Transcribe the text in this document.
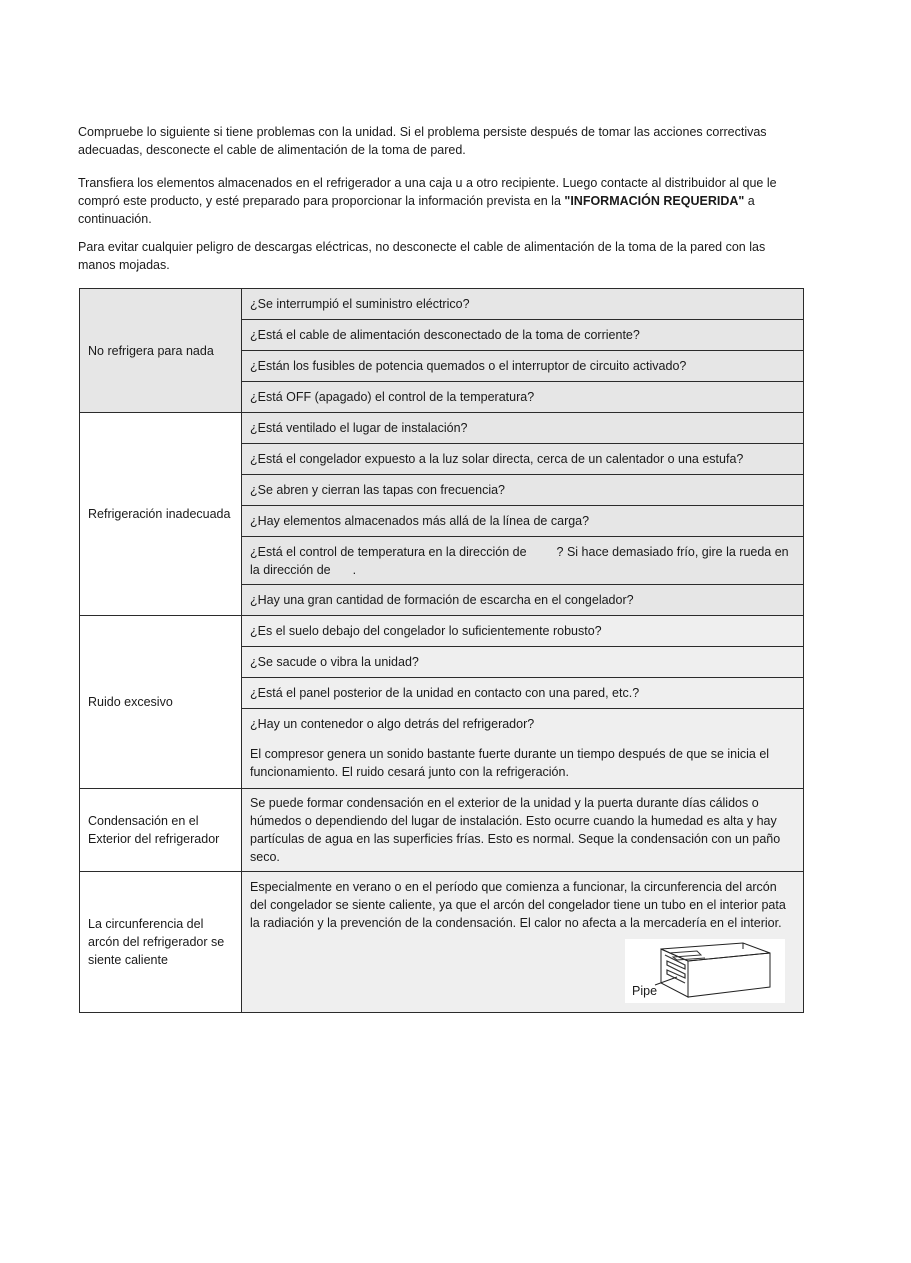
Compruebe lo siguiente si tiene problemas con la unidad. Si el problema persiste después de tomar las acciones correctivas adecuadas, desconecte el cable de alimentación de la toma de pared.

Transfiera los elementos almacenados en el refrigerador a una caja u a otro recipiente. Luego contacte al distribuidor al que le compró este producto, y esté preparado para proporcionar la información prevista en la "INFORMACIÓN REQUERIDA" a continuación.

Para evitar cualquier peligro de descargas eléctricas, no desconecte el cable de alimentación de la toma de la pared con las manos mojadas.

No refrigera para nada	¿Se interrumpió el suministro eléctrico?
	¿Está el cable de alimentación desconectado de la toma de corriente?
	¿Están los fusibles de potencia quemados o el interruptor de circuito activado?
	¿Está OFF (apagado) el control de la temperatura?
Refrigeración inadecuada	¿Está ventilado el lugar de instalación?
	¿Está el congelador expuesto a la luz solar directa, cerca de un calentador o una estufa?
	¿Se abren y cierran las tapas con frecuencia?
	¿Hay elementos almacenados más allá de la línea de carga?
	¿Está el control de temperatura en la dirección de ? Si hace demasiado frío, gire la rueda en la dirección de .
	¿Hay una gran cantidad de formación de escarcha en el congelador?
Ruido excesivo	¿Es el suelo debajo del congelador lo suficientemente robusto?
	¿Se sacude o vibra la unidad?
	¿Está el panel posterior de la unidad en contacto con una pared, etc.?

	¿Hay un contenedor o algo detrás del refrigerador?
El compresor genera un sonido bastante fuerte durante un tiempo después de que se inicia el funcionamiento. El ruido cesará junto con la refrigeración.

Condensación en el Exterior del refrigerador	Se puede formar condensación en el exterior de la unidad y la puerta durante días cálidos o húmedos o dependiendo del lugar de instalación. Esto ocurre cuando la humedad es alta y hay partículas de agua en las superficies frías. Esto es normal. Seque la condensación con un paño seco.
La circunferencia del arcón del refrigerador se siente caliente	Especialmente en verano o en el período que comienza a funcionar, la circunferencia del arcón del congelador se siente caliente, ya que el arcón del congelador tiene un tubo en el interior pata la radiación y la prevención de la condensación. El calor no afecta a la mercadería en el interior.
Pipe
